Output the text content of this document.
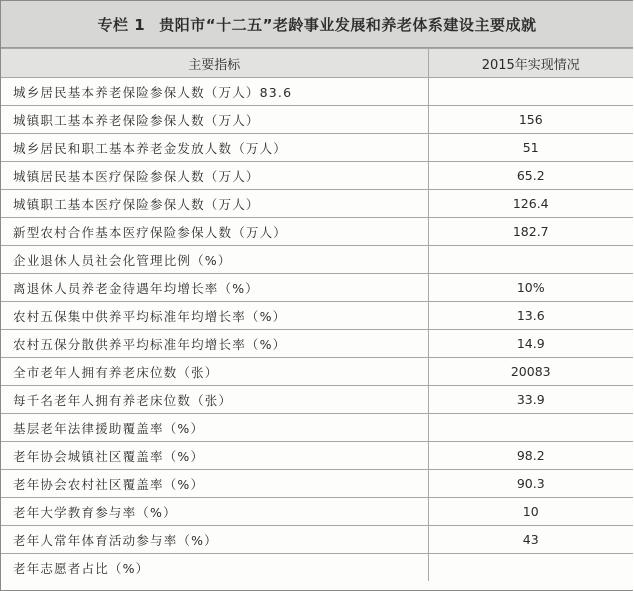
专栏 1 贵阳市“十二五”老龄事业发展和养老体系建设主要成就
主要指标	2015年实现情况
城乡居民基本养老保险参保人数（万人）83.6	
城镇职工基本养老保险参保人数（万人）	156
城乡居民和职工基本养老金发放人数（万人）	51
城镇居民基本医疗保险参保人数（万人）	65.2
城镇职工基本医疗保险参保人数（万人）	126.4
新型农村合作基本医疗保险参保人数（万人）	182.7
企业退休人员社会化管理比例（%）	
离退休人员养老金待遇年均增长率（%）	10%
农村五保集中供养平均标准年均增长率（%）	13.6
农村五保分散供养平均标准年均增长率（%）	14.9
全市老年人拥有养老床位数（张）	20083
每千名老年人拥有养老床位数（张）	33.9
基层老年法律援助覆盖率（%）	
老年协会城镇社区覆盖率（%）	98.2
老年协会农村社区覆盖率（%）	90.3
老年大学教育参与率（%）	10
老年人常年体育活动参与率（%）	43
老年志愿者占比（%）	
